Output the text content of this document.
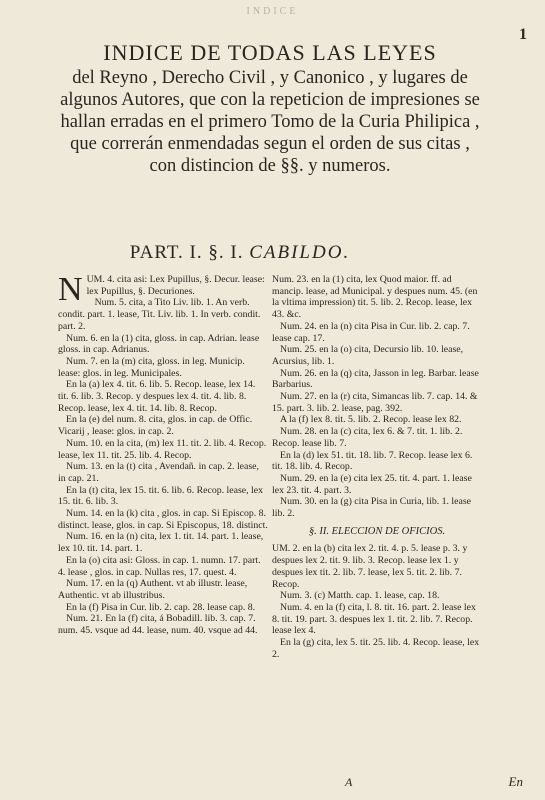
INDICE
1
INDICE DE TODAS LAS LEYES
del Reyno , Derecho Civil , y Canonico , y lugares de algunos Autores, que con la repeticion de impresiones se hallan erradas en el primero Tomo de la Curia Philipica , que correrán enmendadas segun el orden de sus citas , con distincion de §§. y numeros.
PART. I. §. I. CABILDO.

NUM. 4. cita asi: Lex Pupillus, §. Decur. lease: lex Pupillus, §. Decuriones.

Num. 5. cita, a Tito Liv. lib. 1. An verb. condit. part. 1. lease, Tit. Liv. lib. 1. In verb. condit. part. 2.

Num. 6. en la (1) cita, gloss. in cap. Adrian. lease gloss. in cap. Adrianus.

Num. 7. en la (m) cita, gloss. in leg. Municip. lease: glos. in leg. Municipales.

En la (a) lex 4. tit. 6. lib. 5. Recop. lease, lex 14. tit. 6. lib. 3. Recop. y despues lex 4. tit. 4. lib. 8. Recop. lease, lex 4. tit. 14. lib. 8. Recop.

En la (e) del num. 8. cita, glos. in cap. de Offic. Vicarij , lease: glos. in cap. 2.

Num. 10. en la cita, (m) lex 11. tit. 2. lib. 4. Recop. lease, lex 11. tit. 25. lib. 4. Recop.

Num. 13. en la (t) cita , Avendañ. in cap. 2. lease, in cap. 21.

En la (t) cita, lex 15. tit. 6. lib. 6. Recop. lease, lex 15. tit. 6. lib. 3.

Num. 14. en la (k) cita , glos. in cap. Si Episcop. 8. distinct. lease, glos. in cap. Si Episcopus, 18. distinct.

Num. 16. en la (n) cita, lex 1. tit. 14. part. 1. lease, lex 10. tit. 14. part. 1.

En la (o) cita asi: Gloss. in cap. 1. numn. 17. part. 4. lease , glos. in cap. Nullas res, 17. quest. 4.

Num. 17. en la (q) Authent. vt ab illustr. lease, Authentic. vt ab illustribus.

En la (f) Pisa in Cur. lib. 2. cap. 28. lease cap. 8.

Num. 21. En la (f) cita, á Bobadill. lib. 3. cap. 7. num. 45. vsque ad 44. lease, num. 40. vsque ad 44.

Num. 23. en la (1) cita, lex Quod maior. ff. ad mancip. lease, ad Municipal. y despues num. 45. (en la vltima impression) tit. 5. lib. 2. Recop. lease, lex 43. &c.

Num. 24. en la (n) cita Pisa in Cur. lib. 2. cap. 7. lease cap. 17.

Num. 25. en la (o) cita, Decursio lib. 10. lease, Acursius, lib. 1.

Num. 26. en la (q) cita, Jasson in leg. Barbar. lease Barbarius.

Num. 27. en la (r) cita, Simancas lib. 7. cap. 14. & 15. part. 3. lib. 2. lease, pag. 392.

A la (f) lex 8. tit. 5. lib. 2. Recop. lease lex 82.

Num. 28. en la (c) cita, lex 6. & 7. tit. 1. lib. 2. Recop. lease lib. 7.

En la (d) lex 51. tit. 18. lib. 7. Recop. lease lex 6. tit. 18. lib. 4. Recop.

Num. 29. en la (e) cita lex 25. tit. 4. part. 1. lease lex 23. tit. 4. part. 3.

Num. 30. en la (g) cita Pisa in Curia, lib. 1. lease lib. 2.

§. II. ELECCION DE OFICIOS.

UM. 2. en la (b) cita lex 2. tit. 4. p. 5. lease p. 3. y despues lex 2. tit. 9. lib. 3. Recop. lease lex 1. y despues lex tit. 2. lib. 7. lease, lex 5. tit. 2. lib. 7. Recop.

Num. 3. (c) Matth. cap. 1. lease, cap. 18.

Num. 4. en la (f) cita, l. 8. tit. 16. part. 2. lease lex 8. tit. 19. part. 3. despues lex 1. tit. 2. lib. 7. Recop. lease lex 4.

En la (g) cita, lex 5. tit. 25. lib. 4. Recop. lease, lex 2.

A	En
